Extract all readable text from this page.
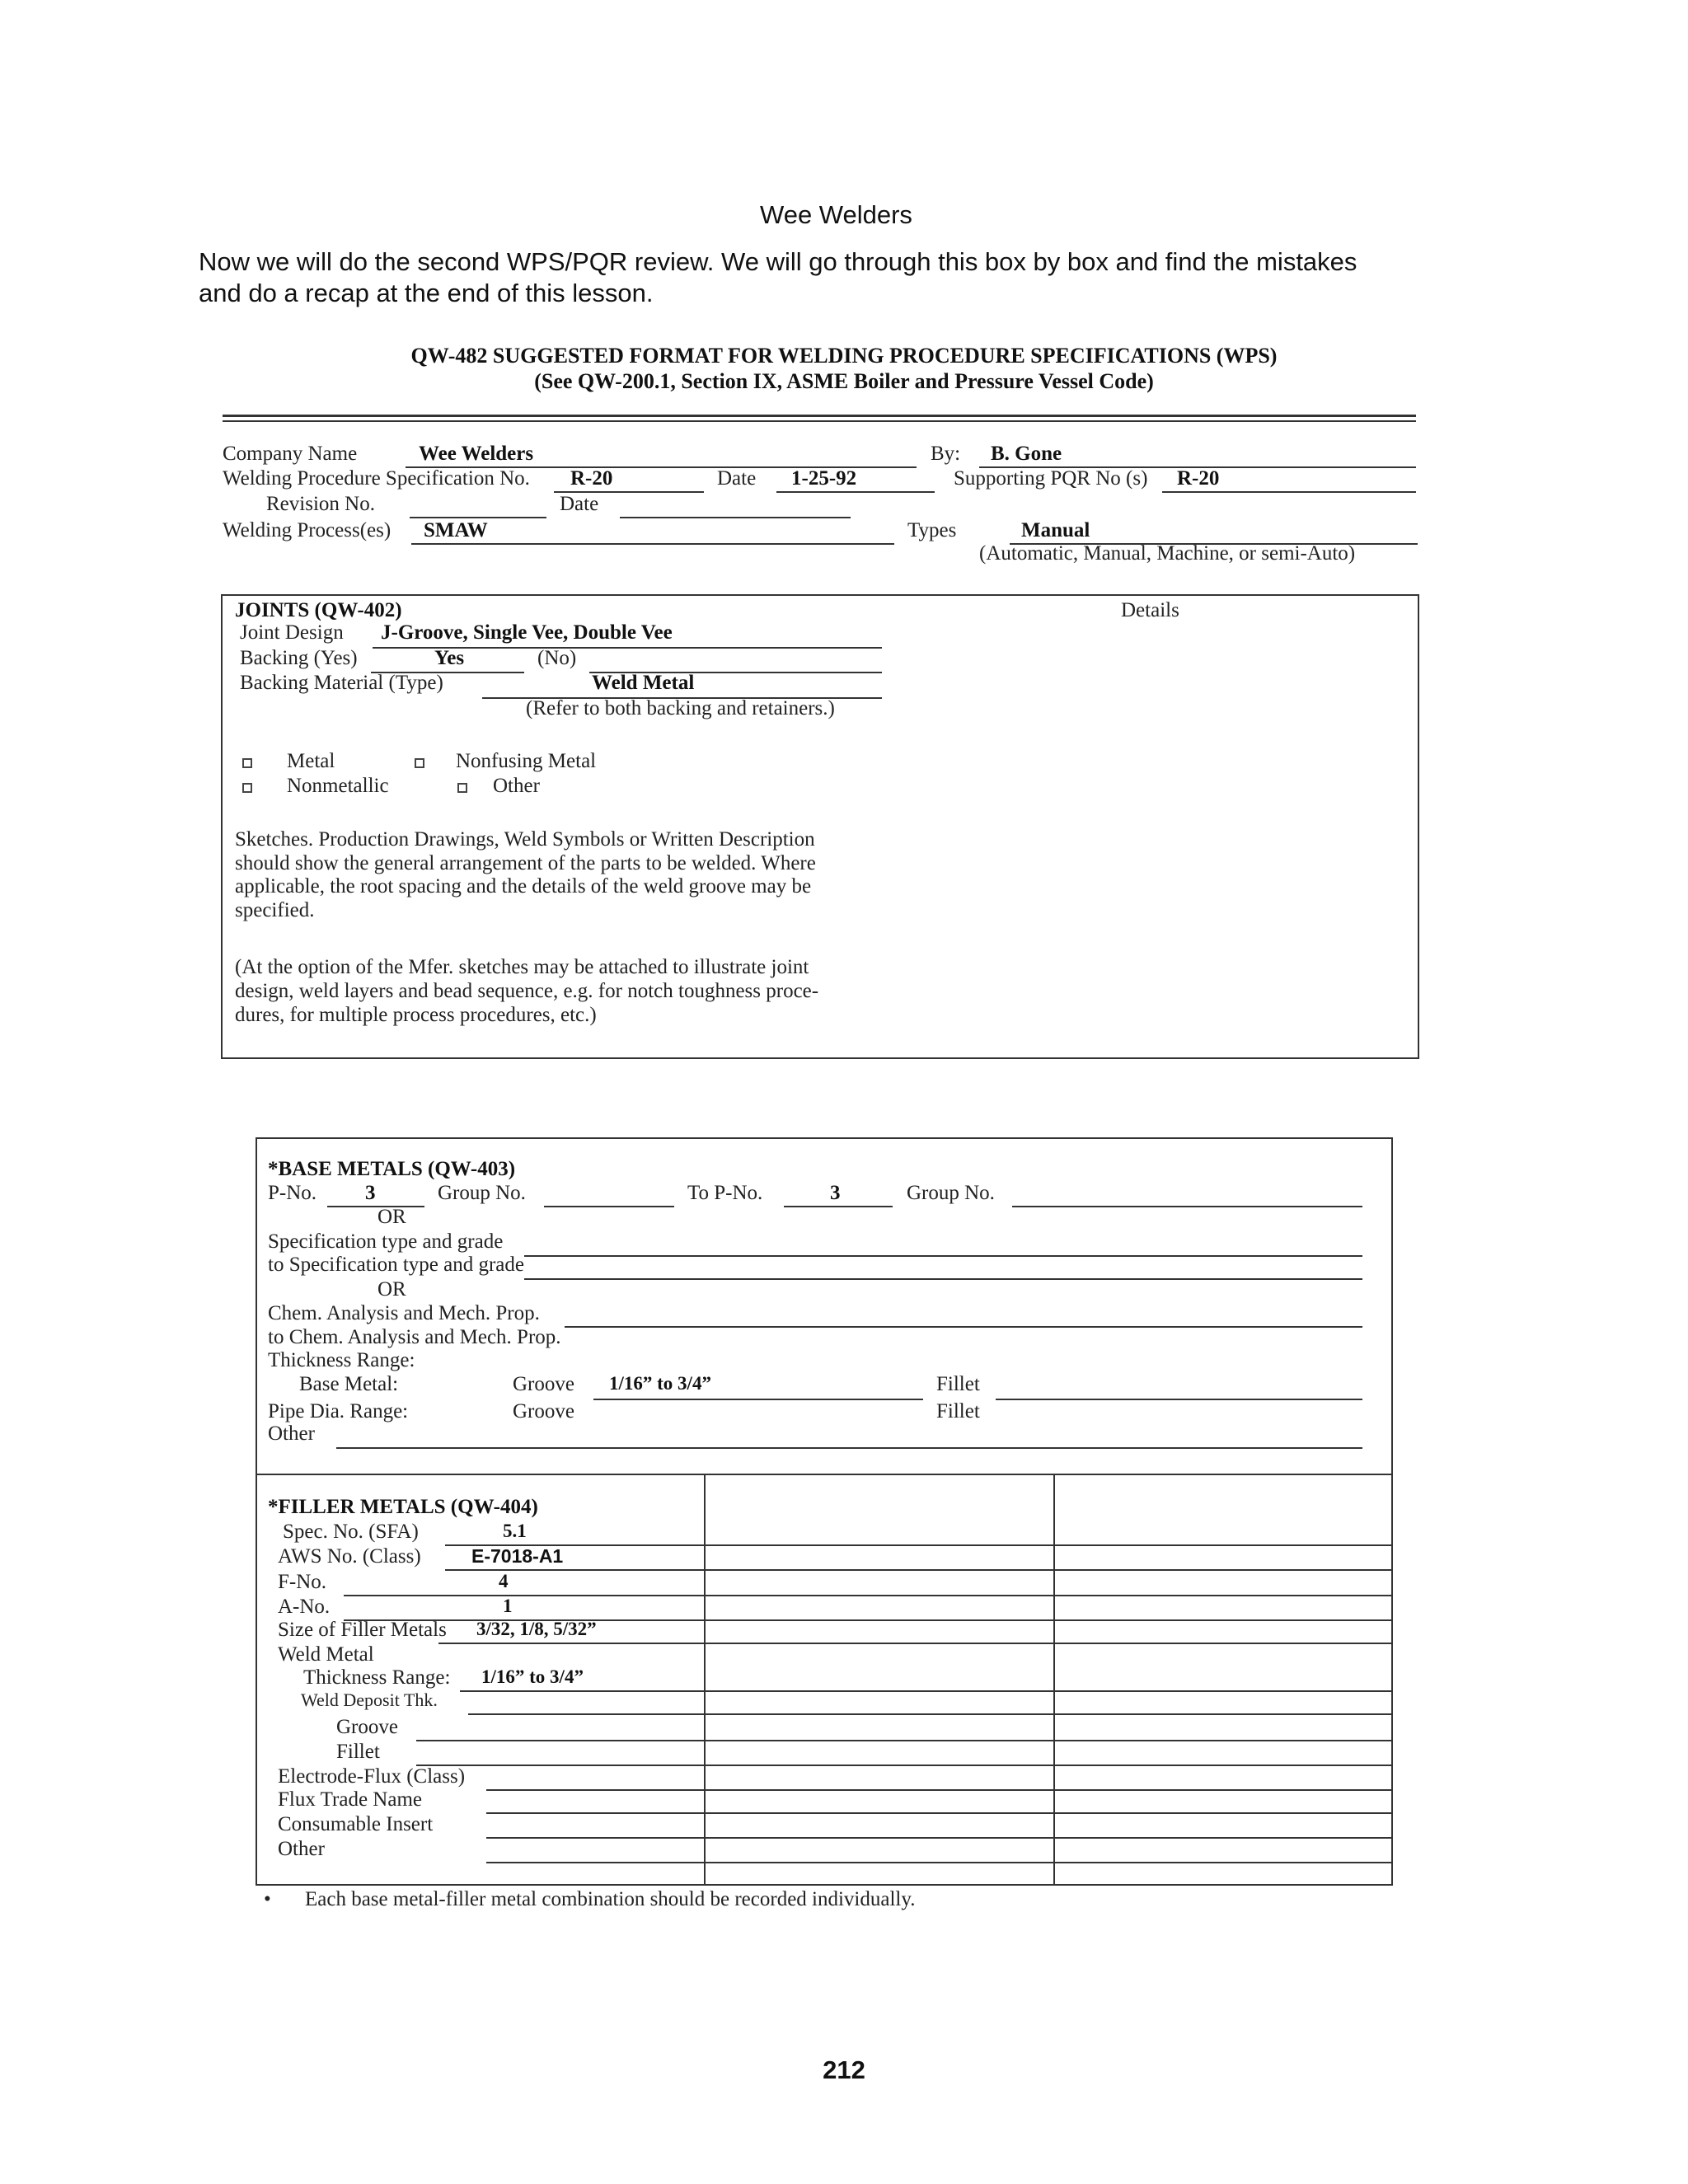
Wee Welders
Now we will do the second WPS/PQR review. We will go through this box by box and find the mistakes
and do a recap at the end of this lesson.
QW-482 SUGGESTED FORMAT FOR WELDING PROCEDURE SPECIFICATIONS (WPS)
(See QW-200.1, Section IX, ASME Boiler and Pressure Vessel Code)
Company Name	Wee Welders	By: B. Gone
Welding Procedure Specification No. R-20	Date 1-25-92	Supporting PQR No (s) R-20
Revision No.	Date
Welding Process(es) SMAW	Types	Manual
(Automatic, Manual, Machine, or semi-Auto)
JOINTS (QW-402)	Details
Joint Design J-Groove, Single Vee, Double Vee
Backing (Yes)	Yes	(No)
Backing Material (Type)	Weld Metal
(Refer to both backing and retainers.)
Metal	Nonfusing Metal
Nonmetallic	Other
Sketches. Production Drawings, Weld Symbols or Written Description
should show the general arrangement of the parts to be welded. Where
applicable, the root spacing and the details of the weld groove may be
specified.
(At the option of the Mfer. sketches may be attached to illustrate joint
design, weld layers and bead sequence, e.g. for notch toughness proce-
dures, for multiple process procedures, etc.)
*BASE METALS (QW-403)
P-No. 3	Group No.	To P-No.	3	Group No.
OR
Specification type and grade
to Specification type and grade
OR
Chem. Analysis and Mech. Prop.
to Chem. Analysis and Mech. Prop.
Thickness Range:
Base Metal:	Groove 1/16” to 3/4”	Fillet
Pipe Dia. Range:	Groove	Fillet
Other
*FILLER METALS (QW-404)
Spec. No. (SFA)	5.1
AWS No. (Class)	E-7018-A1
F-No.	4
A-No.	1
Size of Filler Metals 3/32, 1/8, 5/32”
Weld Metal
Thickness Range: 1/16” to 3/4”
Weld Deposit Thk.
Groove
Fillet
Electrode-Flux (Class)
Flux Trade Name
Consumable Insert
Other
• Each base metal-filler metal combination should be recorded individually.
212
